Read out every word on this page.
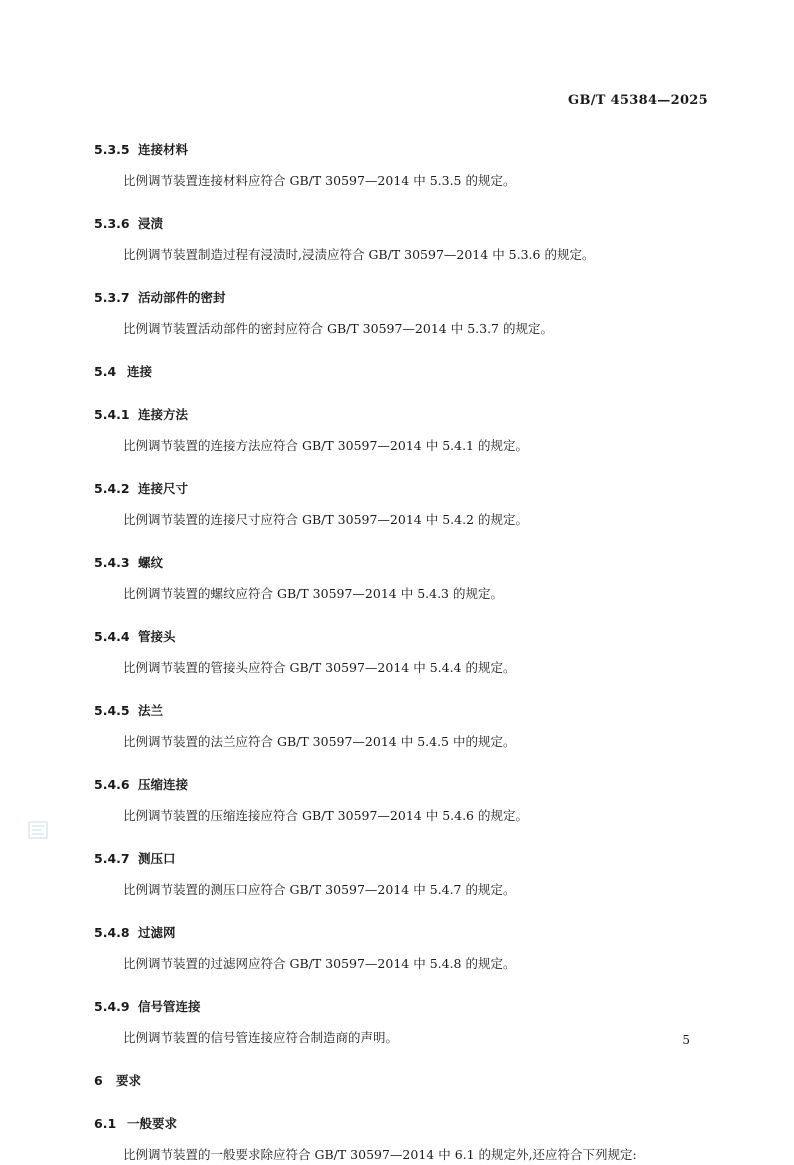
GB/T 45384—2025
5.3.5 连接材料
比例调节装置连接材料应符合 GB/T 30597—2014 中 5.3.5 的规定。
5.3.6 浸渍
比例调节装置制造过程有浸渍时,浸渍应符合 GB/T 30597—2014 中 5.3.6 的规定。
5.3.7 活动部件的密封
比例调节装置活动部件的密封应符合 GB/T 30597—2014 中 5.3.7 的规定。
5.4 连接
5.4.1 连接方法
比例调节装置的连接方法应符合 GB/T 30597—2014 中 5.4.1 的规定。
5.4.2 连接尺寸
比例调节装置的连接尺寸应符合 GB/T 30597—2014 中 5.4.2 的规定。
5.4.3 螺纹
比例调节装置的螺纹应符合 GB/T 30597—2014 中 5.4.3 的规定。
5.4.4 管接头
比例调节装置的管接头应符合 GB/T 30597—2014 中 5.4.4 的规定。
5.4.5 法兰
比例调节装置的法兰应符合 GB/T 30597—2014 中 5.4.5 中的规定。
5.4.6 压缩连接
比例调节装置的压缩连接应符合 GB/T 30597—2014 中 5.4.6 的规定。
5.4.7 测压口
比例调节装置的测压口应符合 GB/T 30597—2014 中 5.4.7 的规定。
5.4.8 过滤网
比例调节装置的过滤网应符合 GB/T 30597—2014 中 5.4.8 的规定。
5.4.9 信号管连接
比例调节装置的信号管连接应符合制造商的声明。
6 要求
6.1 一般要求
比例调节装置的一般要求除应符合 GB/T 30597—2014 中 6.1 的规定外,还应符合下列规定:
5
